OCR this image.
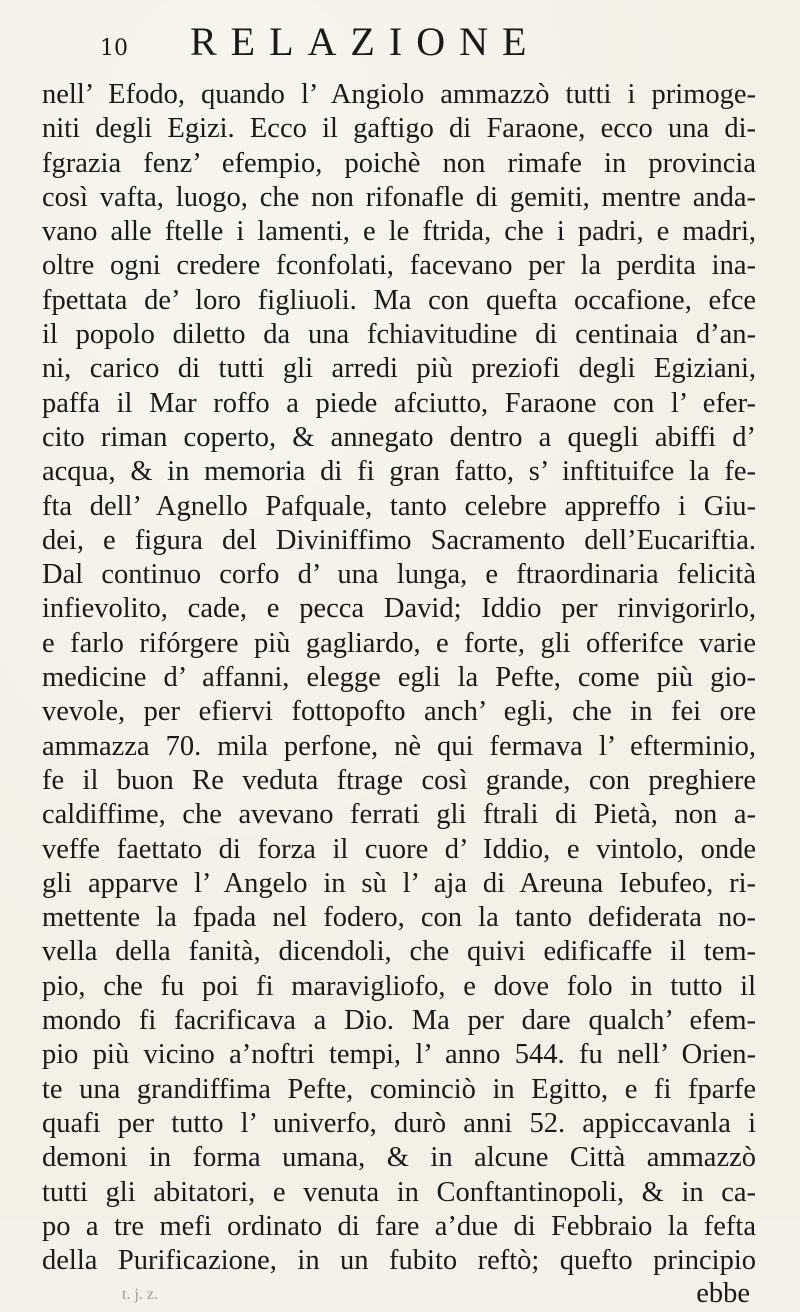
10	RELAZIONE
nell’ Efodo, quando l’ Angiolo ammazzò tutti i primoge-
niti degli Egizi. Ecco il gaftigo di Faraone, ecco una di-
fgrazia fenz’ efempio, poichè non rimafe in provincia
così vafta, luogo, che non rifonafle di gemiti, mentre anda-
vano alle ftelle i lamenti, e le ftrida, che i padri, e madri,
oltre ogni credere fconfolati, facevano per la perdita ina-
fpettata de’ loro figliuoli. Ma con quefta occafione, efce
il popolo diletto da una fchiavitudine di centinaia d’an-
ni, carico di tutti gli arredi più preziofi degli Egiziani,
paffa il Mar roffo a piede afciutto, Faraone con l’ efer-
cito riman coperto, & annegato dentro a quegli abiffi d’
acqua, & in memoria di fi gran fatto, s’ inftituifce la fe-
fta dell’ Agnello Pafquale, tanto celebre appreffo i Giu-
dei, e figura del Diviniffimo Sacramento dell’Eucariftia.
Dal continuo corfo d’ una lunga, e ftraordinaria felicità
infievolito, cade, e pecca David; Iddio per rinvigorirlo,
e farlo rifórgere più gagliardo, e forte, gli offerifce varie
medicine d’ affanni, elegge egli la Pefte, come più gio-
vevole, per efiervi fottopofto anch’ egli, che in fei ore
ammazza 70. mila perfone, nè qui fermava l’ efterminio,
fe il buon Re veduta ftrage così grande, con preghiere
caldiffime, che avevano ferrati gli ftrali di Pietà, non a-
veffe faettato di forza il cuore d’ Iddio, e vintolo, onde
gli apparve l’ Angelo in sù l’ aja di Areuna Iebufeo, ri-
mettente la fpada nel fodero, con la tanto defiderata no-
vella della fanità, dicendoli, che quivi edificaffe il tem-
pio, che fu poi fi maravigliofo, e dove folo in tutto il
mondo fi facrificava a Dio. Ma per dare qualch’ efem-
pio più vicino a’noftri tempi, l’ anno 544. fu nell’ Orien-
te una grandiffima Pefte, cominciò in Egitto, e fi fparfe
quafi per tutto l’ univerfo, durò anni 52. appiccavanla i
demoni in forma umana, & in alcune Città ammazzò
tutti gli abitatori, e venuta in Conftantinopoli, & in ca-
po a tre mefi ordinato di fare a’due di Febbraio la fefta
della Purificazione, in un fubito reftò; quefto principio
t. j. z.	ebbe
